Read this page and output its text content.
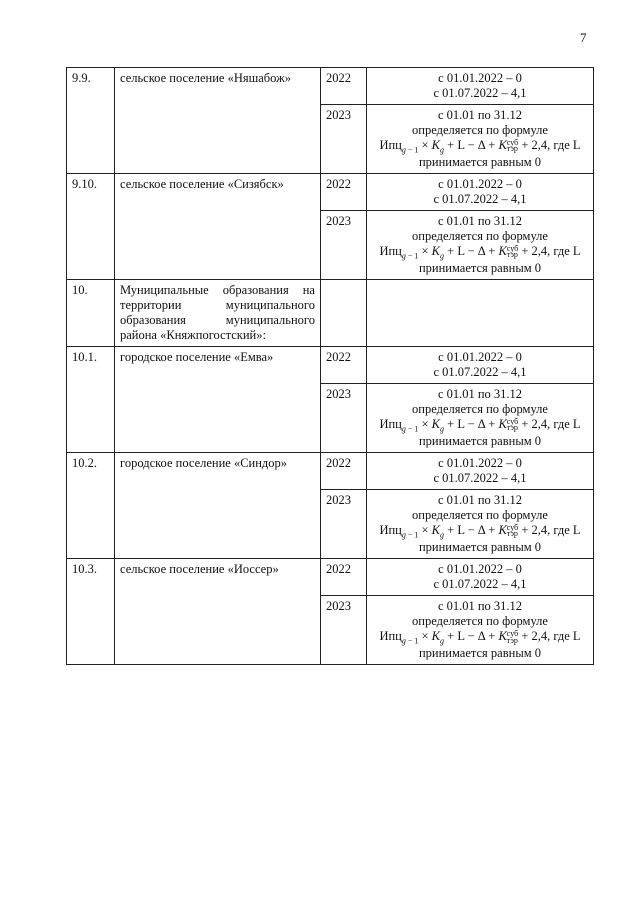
7
9.9.	сельское поселение «Няшабож»	2022	с 01.01.2022 – 0
с 01.07.2022 – 4,1

		2023	с 01.01 по 31.12
определяется по формуле
Ипц$_g$ $_{- 1} \times K_g + L - \Delta$ + Kсуб
тэр + 2,4, где L
принимается равным 0

9.10.	сельское поселение «Сизябск»	2022	с 01.01.2022 – 0
с 01.07.2022 – 4,1

		2023	с 01.01 по 31.12
определяется по формуле
Ипц$_g$ $_{- 1} \times K_g + L - \Delta$ + Kсуб
тэр + 2,4, где L
принимается равным 0

10.	Муниципальные образования на территории муниципального образования муниципального района «Княжпогостский»:		
10.1.	городское поселение «Емва»	2022	с 01.01.2022 – 0
с 01.07.2022 – 4,1

		2023	с 01.01 по 31.12
определяется по формуле
Ипц$_g$ $_{- 1} \times K_g + L - \Delta$ + Kсуб
тэр + 2,4, где L
принимается равным 0

10.2.	городское поселение «Синдор»	2022	с 01.01.2022 – 0
с 01.07.2022 – 4,1

		2023	с 01.01 по 31.12
определяется по формуле
Ипц$_g$ $_{- 1} \times K_g + L - \Delta$ + Kсуб
тэр + 2,4, где L
принимается равным 0

10.3.	сельское поселение «Иоссер»	2022	с 01.01.2022 – 0
с 01.07.2022 – 4,1

		2023	с 01.01 по 31.12
определяется по формуле
Ипц$_g$ $_{- 1} \times K_g + L - \Delta$ + Kсуб
тэр + 2,4, где L
принимается равным 0
